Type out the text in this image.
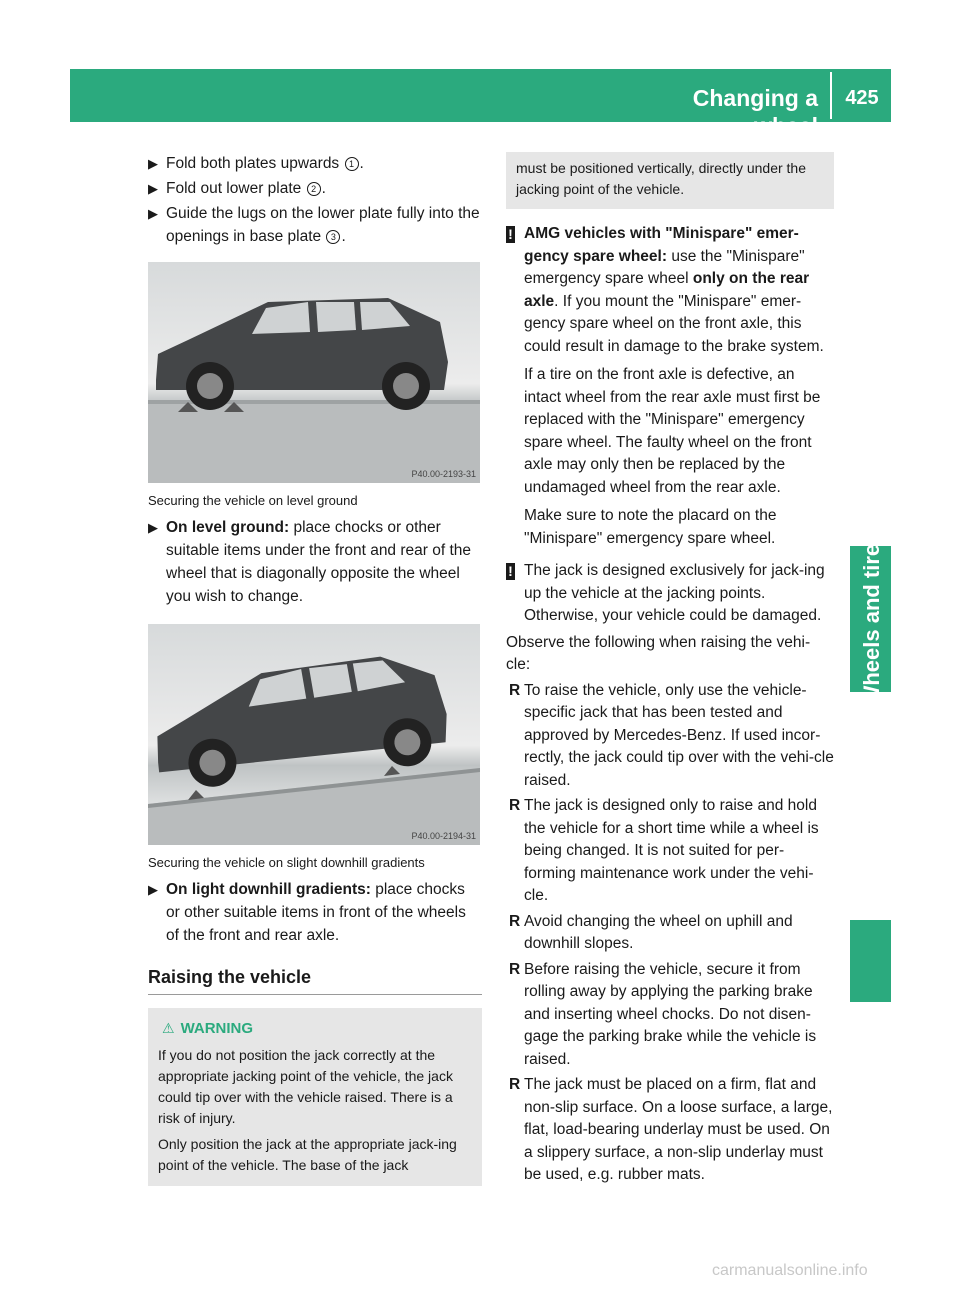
Changing a wheel
425
Wheels and tires
▶ Fold both plates upwards 1 .
▶ Fold out lower plate 2 .
▶ Guide the lugs on the lower plate fully into the openings in base plate 3 .
P40.00-2193-31
Securing the vehicle on level ground
▶ On level ground: place chocks or other suitable items under the front and rear of the wheel that is diagonally opposite the wheel you wish to change.
P40.00-2194-31
Securing the vehicle on slight downhill gradients
▶ On light downhill gradients: place chocks or other suitable items in front of the wheels of the front and rear axle.
Raising the vehicle
⚠ WARNING

If you do not position the jack correctly at the appropriate jacking point of the vehicle, the jack could tip over with the vehicle raised. There is a risk of injury.

Only position the jack at the appropriate jack-ing point of the vehicle. The base of the jack

must be positioned vertically, directly under the jacking point of the vehicle.
! AMG vehicles with "Minispare" emer-gency spare wheel: use the "Minispare" emergency spare wheel only on the rear axle. If you mount the "Minispare" emer-gency spare wheel on the front axle, this could result in damage to the brake system.

If a tire on the front axle is defective, an intact wheel from the rear axle must first be replaced with the "Minispare" emergency spare wheel. The faulty wheel on the front axle may only then be replaced by the undamaged wheel from the rear axle.

Make sure to note the placard on the "Minispare" emergency spare wheel.

! The jack is designed exclusively for jack-ing up the vehicle at the jacking points. Otherwise, your vehicle could be damaged.

Observe the following when raising the vehi-cle:
R To raise the vehicle, only use the vehicle-specific jack that has been tested and approved by Mercedes-Benz. If used incor-rectly, the jack could tip over with the vehi-cle raised.
R The jack is designed only to raise and hold the vehicle for a short time while a wheel is being changed. It is not suited for per-forming maintenance work under the vehi-cle.
R Avoid changing the wheel on uphill and downhill slopes.
R Before raising the vehicle, secure it from rolling away by applying the parking brake and inserting wheel chocks. Do not disen-gage the parking brake while the vehicle is raised.
R The jack must be placed on a firm, flat and non-slip surface. On a loose surface, a large, flat, load-bearing underlay must be used. On a slippery surface, a non-slip underlay must be used, e.g. rubber mats.
carmanualsonline.info
